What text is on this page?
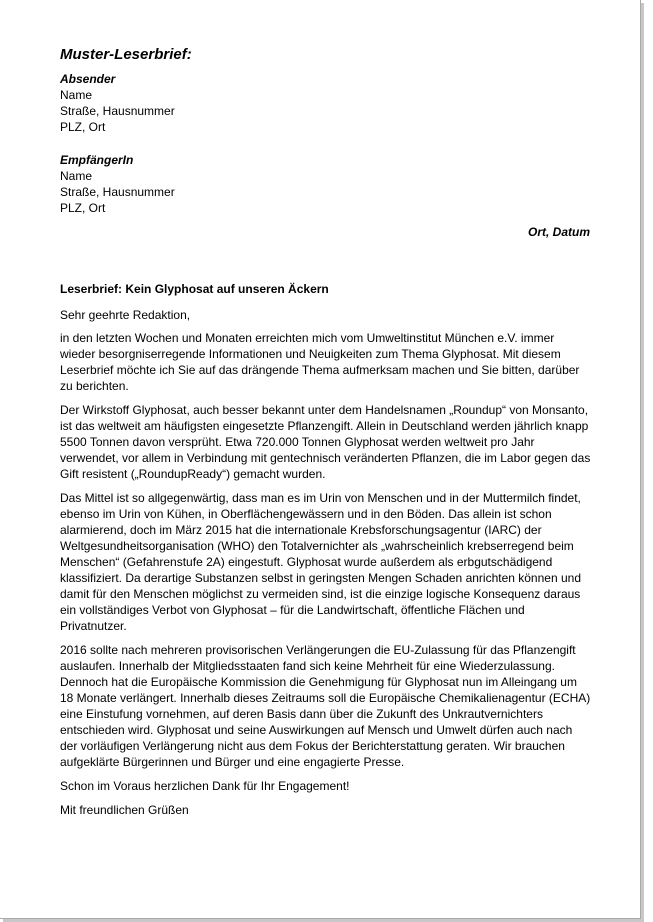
Muster-Leserbrief:
Absender
Name
Straße, Hausnummer
PLZ, Ort
EmpfängerIn
Name
Straße, Hausnummer
PLZ, Ort
Ort, Datum
Leserbrief: Kein Glyphosat auf unseren Äckern
Sehr geehrte Redaktion,

in den letzten Wochen und Monaten erreichten mich vom Umweltinstitut München e.V. immer wieder besorgniserregende Informationen und Neuigkeiten zum Thema Glyphosat. Mit diesem Leserbrief möchte ich Sie auf das drängende Thema aufmerksam machen und Sie bitten, darüber zu berichten.

Der Wirkstoff Glyphosat, auch besser bekannt unter dem Handelsnamen „Roundup“ von Monsanto, ist das weltweit am häufigsten eingesetzte Pflanzengift. Allein in Deutschland werden jährlich knapp 5500 Tonnen davon versprüht. Etwa 720.000 Tonnen Glyphosat werden weltweit pro Jahr verwendet, vor allem in Verbindung mit gentechnisch veränderten Pflanzen, die im Labor gegen das Gift resistent („RoundupReady“) gemacht wurden.

Das Mittel ist so allgegenwärtig, dass man es im Urin von Menschen und in der Muttermilch findet, ebenso im Urin von Kühen, in Oberflächengewässern und in den Böden. Das allein ist schon alarmierend, doch im März 2015 hat die internationale Krebsforschungsagentur (IARC) der Weltgesundheitsorganisation (WHO) den Totalvernichter als „wahrscheinlich krebserregend beim Menschen“ (Gefahrenstufe 2A) eingestuft. Glyphosat wurde außerdem als erbgutschädigend klassifiziert. Da derartige Substanzen selbst in geringsten Mengen Schaden anrichten können und damit für den Menschen möglichst zu vermeiden sind, ist die einzige logische Konsequenz daraus ein vollständiges Verbot von Glyphosat – für die Landwirtschaft, öffentliche Flächen und Privatnutzer.

2016 sollte nach mehreren provisorischen Verlängerungen die EU-Zulassung für das Pflanzengift auslaufen. Innerhalb der Mitgliedsstaaten fand sich keine Mehrheit für eine Wiederzulassung. Dennoch hat die Europäische Kommission die Genehmigung für Glyphosat nun im Alleingang um 18 Monate verlängert. Innerhalb dieses Zeitraums soll die Europäische Chemikalienagentur (ECHA) eine Einstufung vornehmen, auf deren Basis dann über die Zukunft des Unkrautvernichters entschieden wird. Glyphosat und seine Auswirkungen auf Mensch und Umwelt dürfen auch nach der vorläufigen Verlängerung nicht aus dem Fokus der Berichterstattung geraten. Wir brauchen aufgeklärte Bürgerinnen und Bürger und eine engagierte Presse.

Schon im Voraus herzlichen Dank für Ihr Engagement!
Mit freundlichen Grüßen
